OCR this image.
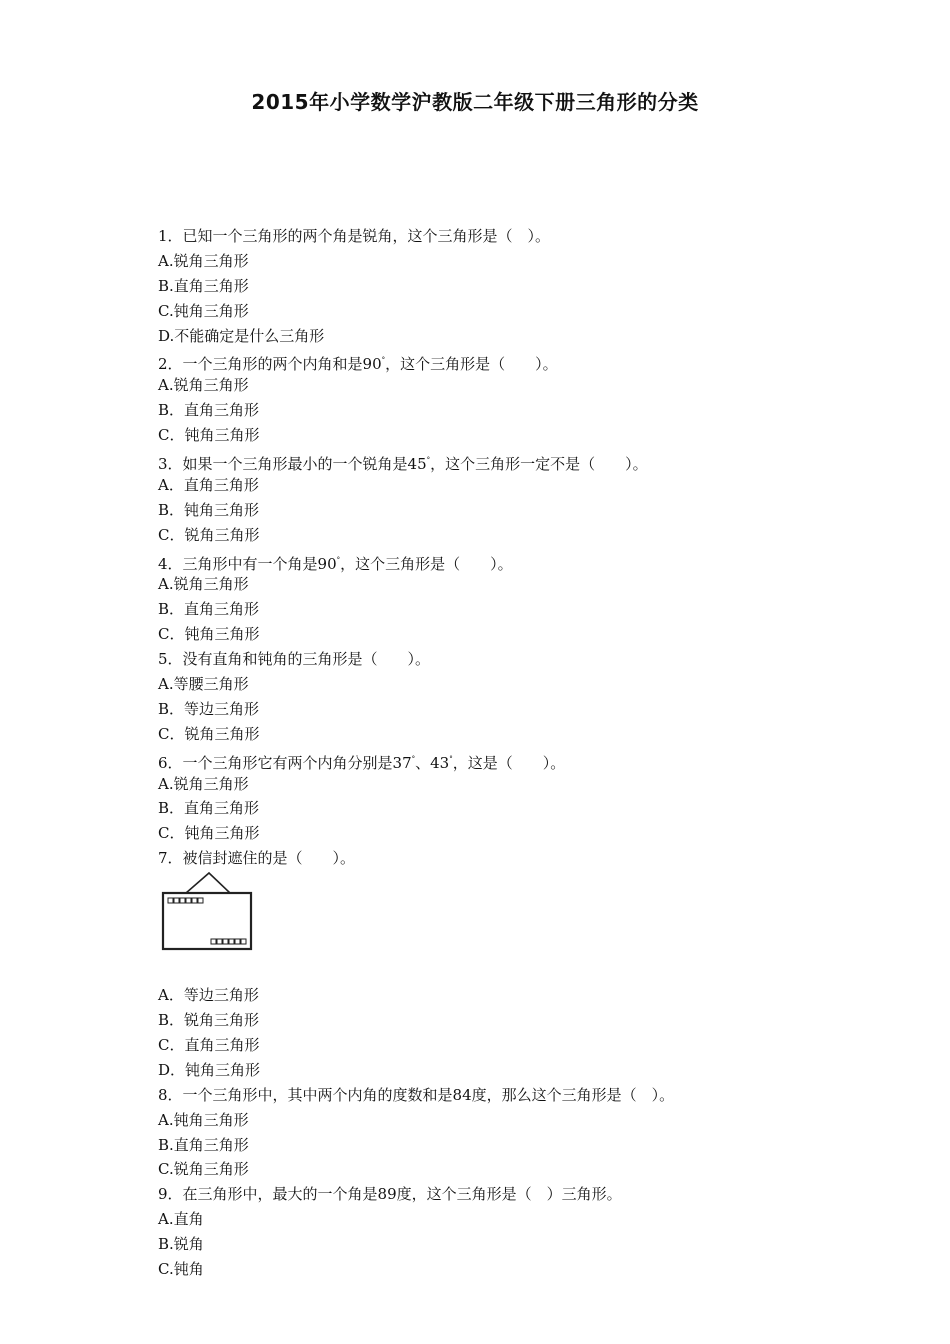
2015年小学数学沪教版二年级下册三角形的分类
1．已知一个三角形的两个角是锐角，这个三角形是（　）。
A.锐角三角形
B.直角三角形
C.钝角三角形
D.不能确定是什么三角形
2．一个三角形的两个内角和是90°，这个三角形是（　　）。
A.锐角三角形
B．直角三角形
C．钝角三角形
3．如果一个三角形最小的一个锐角是45°，这个三角形一定不是（　　）。
A．直角三角形
B．钝角三角形
C．锐角三角形
4．三角形中有一个角是90°，这个三角形是（　　）。
A.锐角三角形
B．直角三角形
C．钝角三角形
5．没有直角和钝角的三角形是（　　）。
A.等腰三角形
B．等边三角形
C．锐角三角形
6．一个三角形它有两个内角分别是37°、43°，这是（　　）。
A.锐角三角形
B．直角三角形
C．钝角三角形
7．被信封遮住的是（　　）。
A．等边三角形
B．锐角三角形
C．直角三角形
D．钝角三角形
8．一个三角形中，其中两个内角的度数和是84度，那么这个三角形是（　）。
A.钝角三角形
B.直角三角形
C.锐角三角形
9．在三角形中，最大的一个角是89度，这个三角形是（　）三角形。
A.直角
B.锐角
C.钝角
